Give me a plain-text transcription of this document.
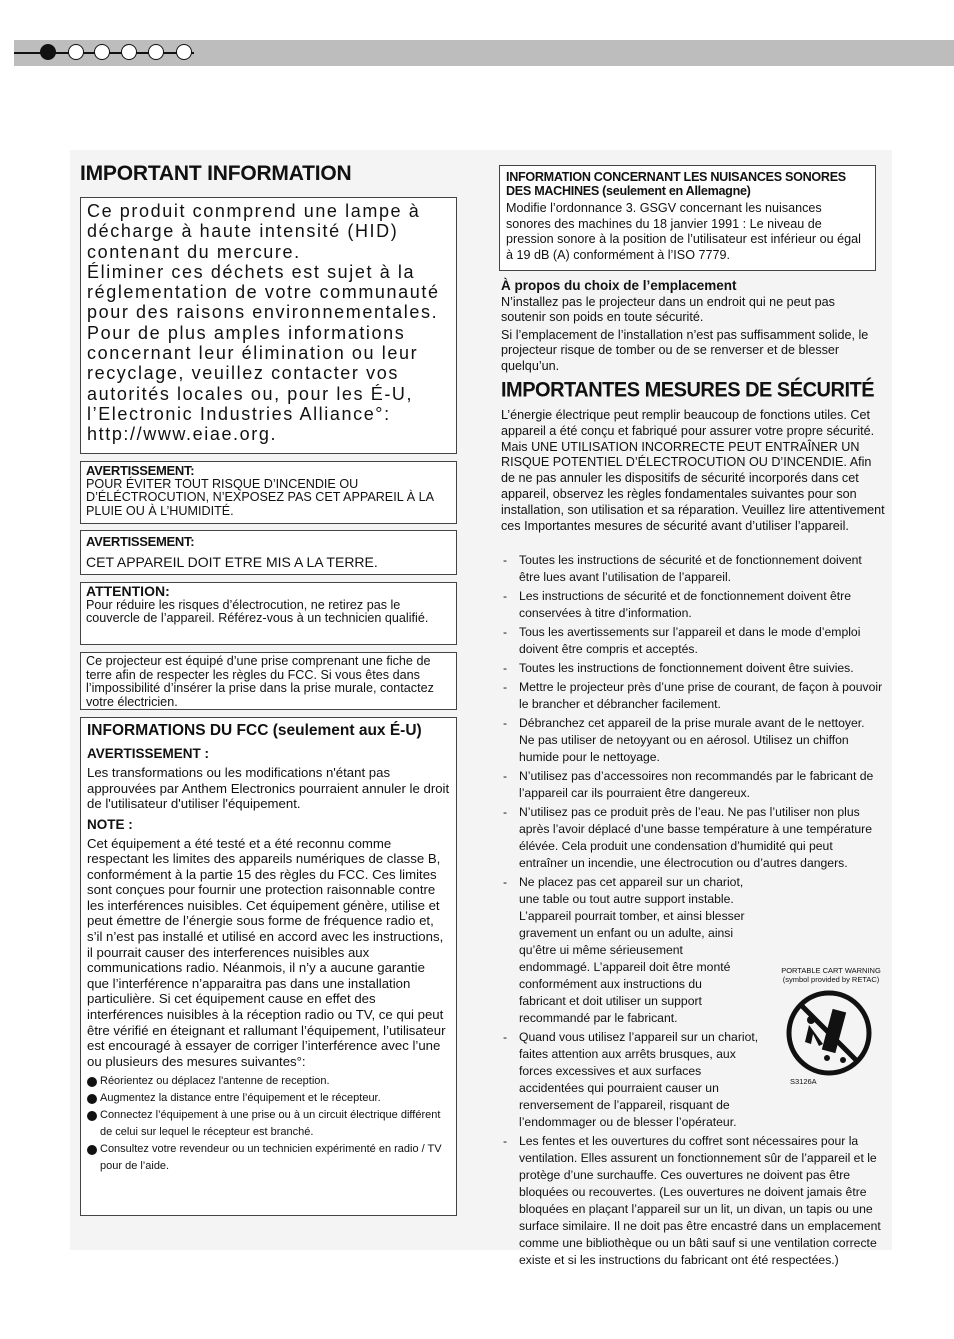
IMPORTANT INFORMATION
Ce produit conmprend une lampe à
décharge à haute intensité (HID)
contenant du mercure.
Éliminer ces déchets est sujet à la
réglementation de votre communauté
pour des raisons environnementales.
Pour de plus amples informations
concernant leur élimination ou leur
recyclage, veuillez contacter vos
autorités locales ou, pour les É-U,
l’Electronic Industries Alliance°:
http://www.eiae.org.
AVERTISSEMENT:
POUR ÉVITER TOUT RISQUE D’INCENDIE OU D’ÉLÉCTROCUTION, N’EXPOSEZ PAS CET APPAREIL À LA PLUIE OU À L’HUMIDITÉ.
AVERTISSEMENT:
CET APPAREIL DOIT ETRE MIS A LA TERRE.
ATTENTION:
Pour réduire les risques d’électrocution, ne retirez pas le couvercle de l’appareil. Référez-vous à un technicien qualifié.
Ce projecteur est équipé d’une prise comprenant une fiche de terre afin de respecter les règles du FCC. Si vous êtes dans l’impossibilité d’insérer la prise dans la prise murale, contactez votre électricien.
INFORMATIONS DU FCC (seulement aux É-U)
AVERTISSEMENT :

Les transformations ou les modifications n'étant pas approuvées par Anthem Electronics pourraient annuler le droit de l'utilisateur d'utiliser l'équipement.

NOTE :

Cet équipement a été testé et a été reconnu comme respectant les limites des appareils numériques de classe B, conformément à la partie 15 des règles du FCC. Ces limites sont conçues pour fournir une protection raisonnable contre les interférences nuisibles. Cet équipement génère, utilise et peut émettre de l’énergie sous forme de fréquence radio et, s’il n’est pas installé et utilisé en accord avec les instructions, il pourrait causer des interferences nuisibles aux communications radio. Néanmois, il n’y a aucune garantie que l’interférence n’apparaitra pas dans une installation particulière. Si cet équipement cause en effet des interférences nuisibles à la réception radio ou TV, ce qui peut être vérifié en éteignant et rallumant l’équipement, l’utilisateur est encouragé à essayer de corriger l’interférence avec l’une ou plusieurs des mesures suivantes°:

Réorientez ou déplacez l'antenne de reception.
Augmentez la distance entre l’équipement et le récepteur.
Connectez l’équipement à une prise ou à un circuit électrique différent de celui sur lequel le récepteur est branché.
Consultez votre revendeur ou un technicien expérimenté en radio / TV pour de l’aide.
INFORMATION CONCERNANT LES NUISANCES SONORES DES MACHINES (seulement en Allemagne)
Modifie l’ordonnance 3. GSGV concernant les nuisances sonores des machines du 18 janvier 1991 : Le niveau de pression sonore à la position de l’utilisateur est inférieur ou égal à 19 dB (A) conformément à l’ISO 7779.
À propos du choix de l’emplacement
N’installez pas le projecteur dans un endroit qui ne peut pas soutenir son poids en toute sécurité.
Si l’emplacement de l’installation n’est pas suffisamment solide, le projecteur risque de tomber ou de se renverser et de blesser quelqu’un.
IMPORTANTES MESURES DE SÉCURITÉ
L’énergie électrique peut remplir beaucoup de fonctions utiles. Cet appareil a été conçu et fabriqué pour assurer votre propre sécurité. Mais UNE UTILISATION INCORRECTE PEUT ENTRAÎNER UN RISQUE POTENTIEL D’ÉLECTROCUTION OU D’INCENDIE. Afin de ne pas annuler les dispositifs de sécurité incorporés dans cet appareil, observez les règles fondamentales suivantes pour son installation, son utilisation et sa réparation. Veuillez lire attentivement ces Importantes mesures de sécurité avant d’utiliser l’appareil.
- Toutes les instructions de sécurité et de fonctionnement doivent être lues avant l’utilisation de l’appareil.
- Les instructions de sécurité et de fonctionnement doivent être conservées à titre d’information.
- Tous les avertissements sur l’appareil et dans le mode d’emploi doivent être compris et acceptés.
- Toutes les instructions de fonctionnement doivent être suivies.
- Mettre le projecteur près d’une prise de courant, de façon à pouvoir le brancher et débrancher facilement.
- Débranchez cet appareil de la prise murale avant de le nettoyer. Ne pas utiliser de netoyyant ou en aérosol. Utilisez un chiffon humide pour le nettoyage.
- N’utilisez pas d’accessoires non recommandés par le fabricant de l’appareil car ils pourraient être dangereux.
- N’utilisez pas ce produit près de l’eau. Ne pas l’utiliser non plus après l’avoir déplacé d’une basse température à une température élévée. Cela produit une condensation d’humidité qui peut entraîner un incendie, une électrocution ou d’autres dangers.
- Ne placez pas cet appareil sur un chariot, une table ou tout autre support instable. L’appareil pourrait tomber, et ainsi blesser gravement un enfant ou un adulte, ainsi qu’être ui même sérieusement endommagé. L’appareil doit être monté conformément aux instructions du fabricant et doit utiliser un support recommandé par le fabricant.
- Quand vous utilisez l’appareil sur un chariot, faites attention aux arrêts brusques, aux forces excessives et aux surfaces accidentées qui pourraient causer un renversement de l’appareil, risquant de l’endommager ou de blesser l’opérateur.
- Les fentes et les ouvertures du coffret sont nécessaires pour la ventilation. Elles assurent un fonctionnement sûr de l’appareil et le protège d’une surchauffe. Ces ouvertures ne doivent pas être bloquées ou recouvertes. (Les ouvertures ne doivent jamais être bloquées en plaçant l’appareil sur un lit, un divan, un tapis ou une surface similaire. Il ne doit pas être encastré dans un emplacement comme une bibliothèque ou un bâti sauf si une ventilation correcte existe et si les instructions du fabricant ont été respectées.)
PORTABLE CART WARNING
(symbol provided by RETAC)
S3126A
